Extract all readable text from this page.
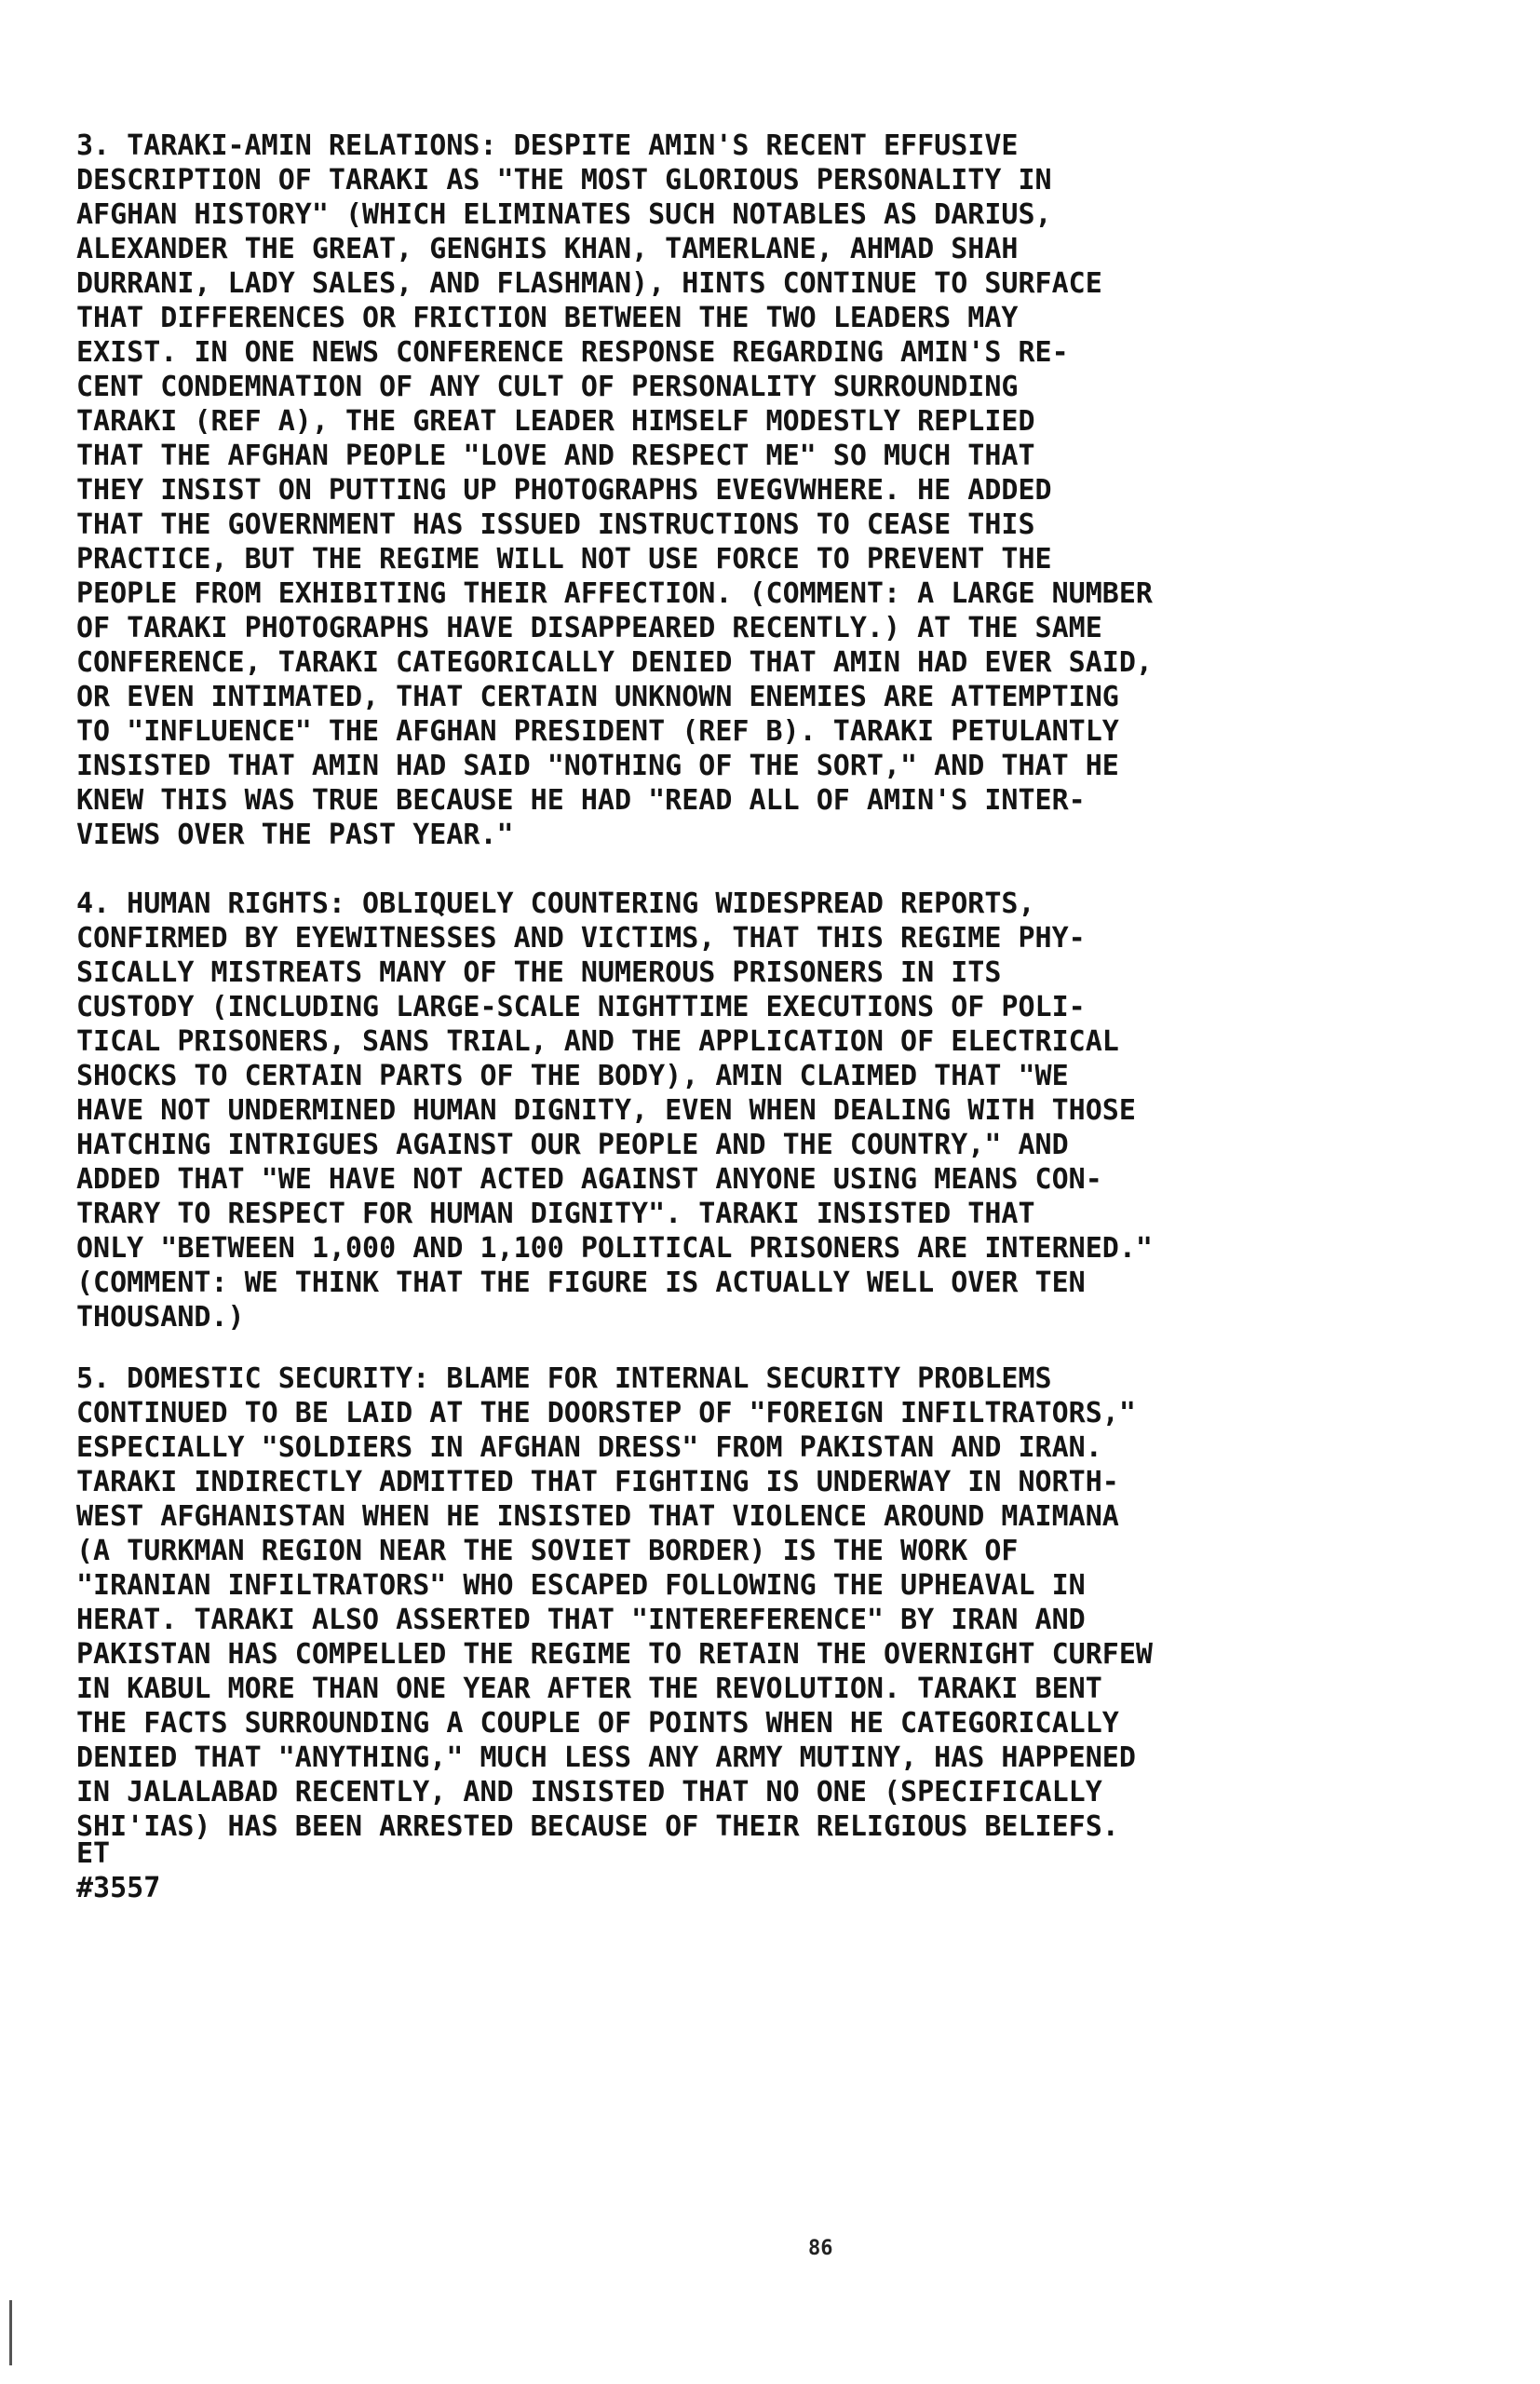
3. TARAKI-AMIN RELATIONS: DESPITE AMIN'S RECENT EFFUSIVE
DESCRIPTION OF TARAKI AS "THE MOST GLORIOUS PERSONALITY IN
AFGHAN HISTORY" (WHICH ELIMINATES SUCH NOTABLES AS DARIUS,
ALEXANDER THE GREAT, GENGHIS KHAN, TAMERLANE, AHMAD SHAH
DURRANI, LADY SALES, AND FLASHMAN), HINTS CONTINUE TO SURFACE
THAT DIFFERENCES OR FRICTION BETWEEN THE TWO LEADERS MAY
EXIST. IN ONE NEWS CONFERENCE RESPONSE REGARDING AMIN'S RE-
CENT CONDEMNATION OF ANY CULT OF PERSONALITY SURROUNDING
TARAKI (REF A), THE GREAT LEADER HIMSELF MODESTLY REPLIED
THAT THE AFGHAN PEOPLE "LOVE AND RESPECT ME" SO MUCH THAT
THEY INSIST ON PUTTING UP PHOTOGRAPHS EVEGVWHERE. HE ADDED
THAT THE GOVERNMENT HAS ISSUED INSTRUCTIONS TO CEASE THIS
PRACTICE, BUT THE REGIME WILL NOT USE FORCE TO PREVENT THE
PEOPLE FROM EXHIBITING THEIR AFFECTION. (COMMENT: A LARGE NUMBER
OF TARAKI PHOTOGRAPHS HAVE DISAPPEARED RECENTLY.) AT THE SAME
CONFERENCE, TARAKI CATEGORICALLY DENIED THAT AMIN HAD EVER SAID,
OR EVEN INTIMATED, THAT CERTAIN UNKNOWN ENEMIES ARE ATTEMPTING
TO "INFLUENCE" THE AFGHAN PRESIDENT (REF B). TARAKI PETULANTLY
INSISTED THAT AMIN HAD SAID "NOTHING OF THE SORT," AND THAT HE
KNEW THIS WAS TRUE BECAUSE HE HAD "READ ALL OF AMIN'S INTER-
VIEWS OVER THE PAST YEAR."
4. HUMAN RIGHTS: OBLIQUELY COUNTERING WIDESPREAD REPORTS,
CONFIRMED BY EYEWITNESSES AND VICTIMS, THAT THIS REGIME PHY-
SICALLY MISTREATS MANY OF THE NUMEROUS PRISONERS IN ITS
CUSTODY (INCLUDING LARGE-SCALE NIGHTTIME EXECUTIONS OF POLI-
TICAL PRISONERS, SANS TRIAL, AND THE APPLICATION OF ELECTRICAL
SHOCKS TO CERTAIN PARTS OF THE BODY), AMIN CLAIMED THAT "WE
HAVE NOT UNDERMINED HUMAN DIGNITY, EVEN WHEN DEALING WITH THOSE
HATCHING INTRIGUES AGAINST OUR PEOPLE AND THE COUNTRY," AND
ADDED THAT "WE HAVE NOT ACTED AGAINST ANYONE USING MEANS CON-
TRARY TO RESPECT FOR HUMAN DIGNITY". TARAKI INSISTED THAT
ONLY "BETWEEN 1,000 AND 1,100 POLITICAL PRISONERS ARE INTERNED."
(COMMENT: WE THINK THAT THE FIGURE IS ACTUALLY WELL OVER TEN
THOUSAND.)
5. DOMESTIC SECURITY: BLAME FOR INTERNAL SECURITY PROBLEMS
CONTINUED TO BE LAID AT THE DOORSTEP OF "FOREIGN INFILTRATORS,"
ESPECIALLY "SOLDIERS IN AFGHAN DRESS" FROM PAKISTAN AND IRAN.
TARAKI INDIRECTLY ADMITTED THAT FIGHTING IS UNDERWAY IN NORTH-
WEST AFGHANISTAN WHEN HE INSISTED THAT VIOLENCE AROUND MAIMANA
(A TURKMAN REGION NEAR THE SOVIET BORDER) IS THE WORK OF
"IRANIAN INFILTRATORS" WHO ESCAPED FOLLOWING THE UPHEAVAL IN
HERAT. TARAKI ALSO ASSERTED THAT "INTEREFERENCE" BY IRAN AND
PAKISTAN HAS COMPELLED THE REGIME TO RETAIN THE OVERNIGHT CURFEW
IN KABUL MORE THAN ONE YEAR AFTER THE REVOLUTION. TARAKI BENT
THE FACTS SURROUNDING A COUPLE OF POINTS WHEN HE CATEGORICALLY
DENIED THAT "ANYTHING," MUCH LESS ANY ARMY MUTINY, HAS HAPPENED
IN JALALABAD RECENTLY, AND INSISTED THAT NO ONE (SPECIFICALLY
SHI'IAS) HAS BEEN ARRESTED BECAUSE OF THEIR RELIGIOUS BELIEFS.
ET
#3557
86
